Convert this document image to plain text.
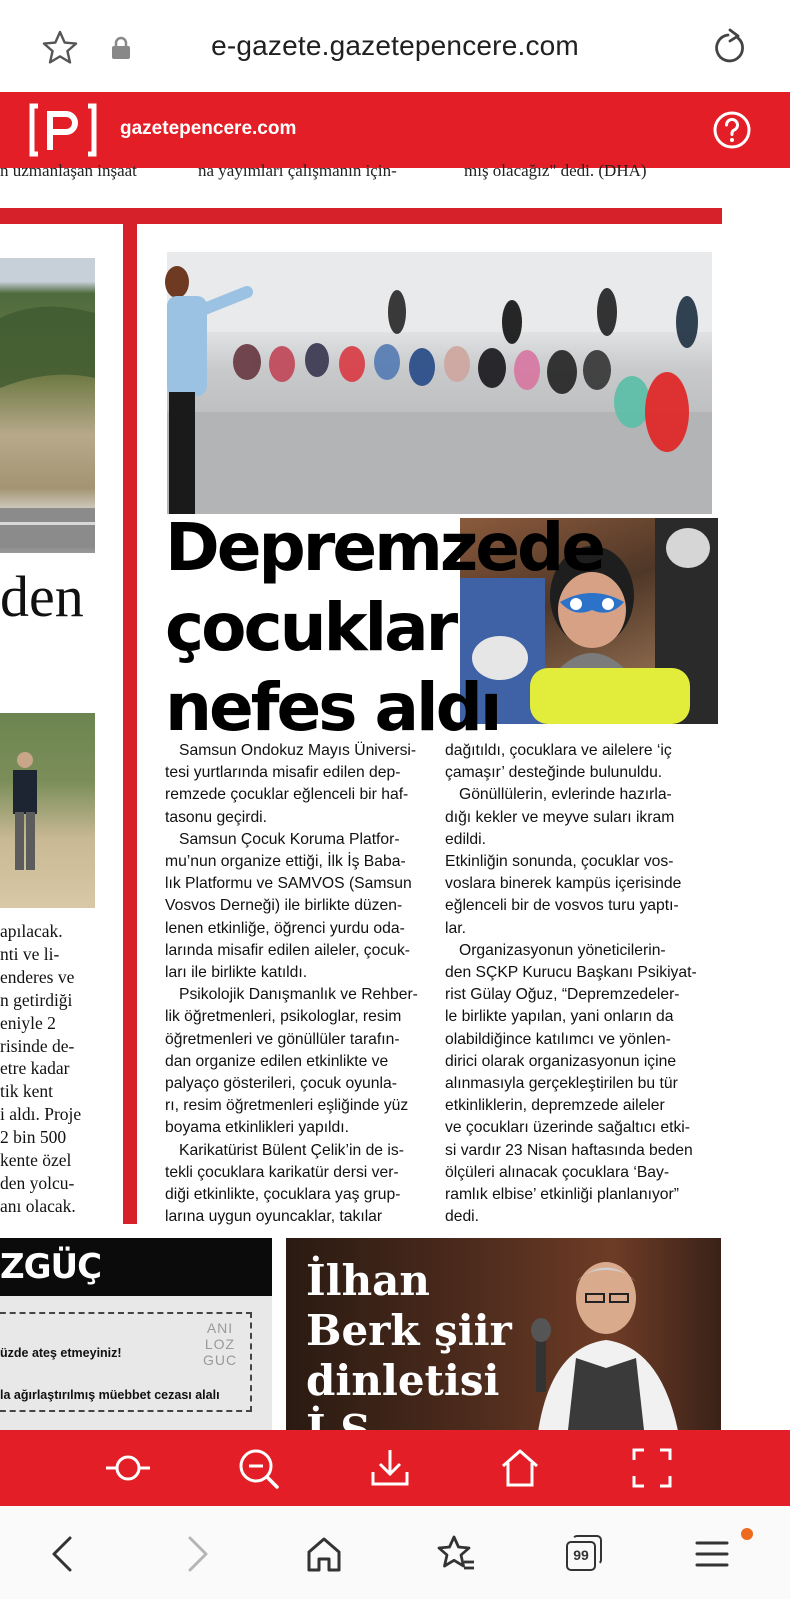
e-gazete.gazetepencere.com
gazetepencere.com
n uzmanlaşan inşaat	na yayımları çalışmanın için-	mış olacağız" dedi. (DHA)
den
apılacak.
nti ve li-
enderes ve
n getirdiği
eniyle 2
risinde de-
etre kadar
tik kent
i aldı. Proje
2 bin 500
kente özel
den yolcu-
anı olacak.
Depremzede
çocuklar
nefes aldı
Samsun Ondokuz Mayıs Üniversi-
tesi yurtlarında misafir edilen dep-
remzede çocuklar eğlenceli bir haf-
tasonu geçirdi.
Samsun Çocuk Koruma Platfor-
mu’nun organize ettiği, İlk İş Baba-
lık Platformu ve SAMVOS (Samsun
Vosvos Derneği) ile birlikte düzen-
lenen etkinliğe, öğrenci yurdu oda-
larında misafir edilen aileler, çocuk-
ları ile birlikte katıldı.
Psikolojik Danışmanlık ve Rehber-
lik öğretmenleri, psikologlar, resim
öğretmenleri ve gönüllüler tarafın-
dan organize edilen etkinlikte ve
palyaço gösterileri, çocuk oyunla-
rı, resim öğretmenleri eşliğinde yüz
boyama etkinlikleri yapıldı.
Karikatürist Bülent Çelik’in de is-
tekli çocuklara karikatür dersi ver-
diği etkinlikte, çocuklara yaş grup-
larına uygun oyuncaklar, takılar
dağıtıldı, çocuklara ve ailelere ‘iç
çamaşır’ desteğinde bulunuldu.
Gönüllülerin, evlerinde hazırla-
dığı kekler ve meyve suları ikram
edildi.
Etkinliğin sonunda, çocuklar vos-
voslara binerek kampüs içerisinde
eğlenceli bir de vosvos turu yaptı-
lar.
Organizasyonun yöneticilerin-
den SÇKP Kurucu Başkanı Psikiyat-
rist Gülay Oğuz, “Depremzedeler-
le birlikte yapılan, yani onların da
olabildiğince katılımcı ve yönlen-
dirici olarak organizasyonun içine
alınmasıyla gerçekleştirilen bu tür
etkinliklerin, depremzede aileler
ve çocukları üzerinde sağaltıcı etki-
si vardır 23 Nisan haftasında beden
ölçüleri alınacak çocuklara ‘Bay-
ramlık elbise’ etkinliği planlanıyor”
dedi.
ZGÜÇ
üzde ateş etmeyiniz!
ANI
LOZ
GUC
la ağırlaştırılmış müebbet cezası alalı
İlhan
Berk şiir
dinletisi
99
